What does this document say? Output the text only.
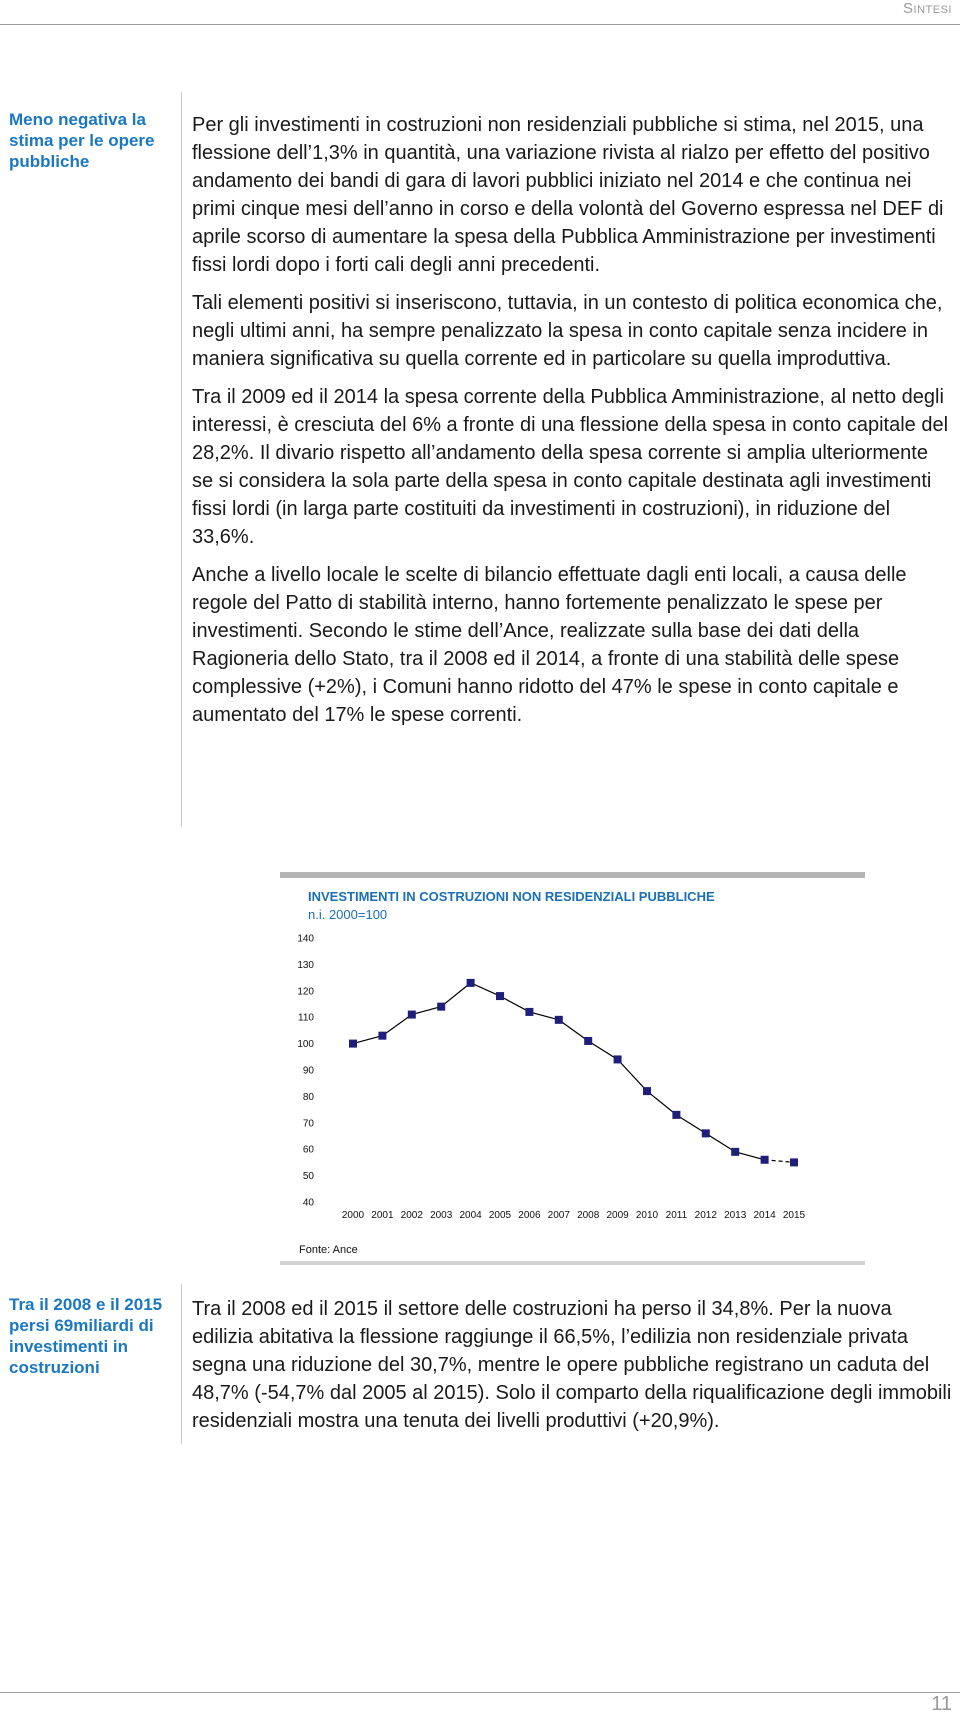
Sintesi
Meno negativa la stima per le opere pubbliche

Per gli investimenti in costruzioni non residenziali pubbliche si stima, nel 2015, una flessione dell’1,3% in quantità, una variazione rivista al rialzo per effetto del positivo andamento dei bandi di gara di lavori pubblici iniziato nel 2014 e che continua nei primi cinque mesi dell’anno in corso e della volontà del Governo espressa nel DEF di aprile scorso di aumentare la spesa della Pubblica Amministrazione per investimenti fissi lordi dopo i forti cali degli anni precedenti.

Tali elementi positivi si inseriscono, tuttavia, in un contesto di politica economica che, negli ultimi anni, ha sempre penalizzato la spesa in conto capitale senza incidere in maniera significativa su quella corrente ed in particolare su quella improduttiva.

Tra il 2009 ed il 2014 la spesa corrente della Pubblica Amministrazione, al netto degli interessi, è cresciuta del 6% a fronte di una flessione della spesa in conto capitale del 28,2%. Il divario rispetto all’andamento della spesa corrente si amplia ulteriormente se si considera la sola parte della spesa in conto capitale destinata agli investimenti fissi lordi (in larga parte costituiti da investimenti in costruzioni), in riduzione del 33,6%.

Anche a livello locale le scelte di bilancio effettuate dagli enti locali, a causa delle regole del Patto di stabilità interno, hanno fortemente penalizzato le spese per investimenti. Secondo le stime dell’Ance, realizzate sulla base dei dati della Ragioneria dello Stato, tra il 2008 ed il 2014, a fronte di una stabilità delle spese complessive (+2%), i Comuni hanno ridotto del 47% le spese in conto capitale e aumentato del 17% le spese correnti.

40
50
60
70
80
90
100
110
120
130
140
2000 2001 2002 2003 2004 2005 2006 2007 2008 2009 2010 2011 2012 2013 2014 2015
INVESTIMENTI IN COSTRUZIONI NON RESIDENZIALI PUBBLICHE
n.i. 2000=100
Fonte: Ance
Tra il 2008 e il 2015 persi 69miliardi di investimenti in costruzioni

Tra il 2008 ed il 2015 il settore delle costruzioni ha perso il 34,8%. Per la nuova edilizia abitativa la flessione raggiunge il 66,5%, l’edilizia non residenziale privata segna una riduzione del 30,7%, mentre le opere pubbliche registrano un caduta del 48,7% (-54,7% dal 2005 al 2015). Solo il comparto della riqualificazione degli immobili residenziali mostra una tenuta dei livelli produttivi (+20,9%).

11
